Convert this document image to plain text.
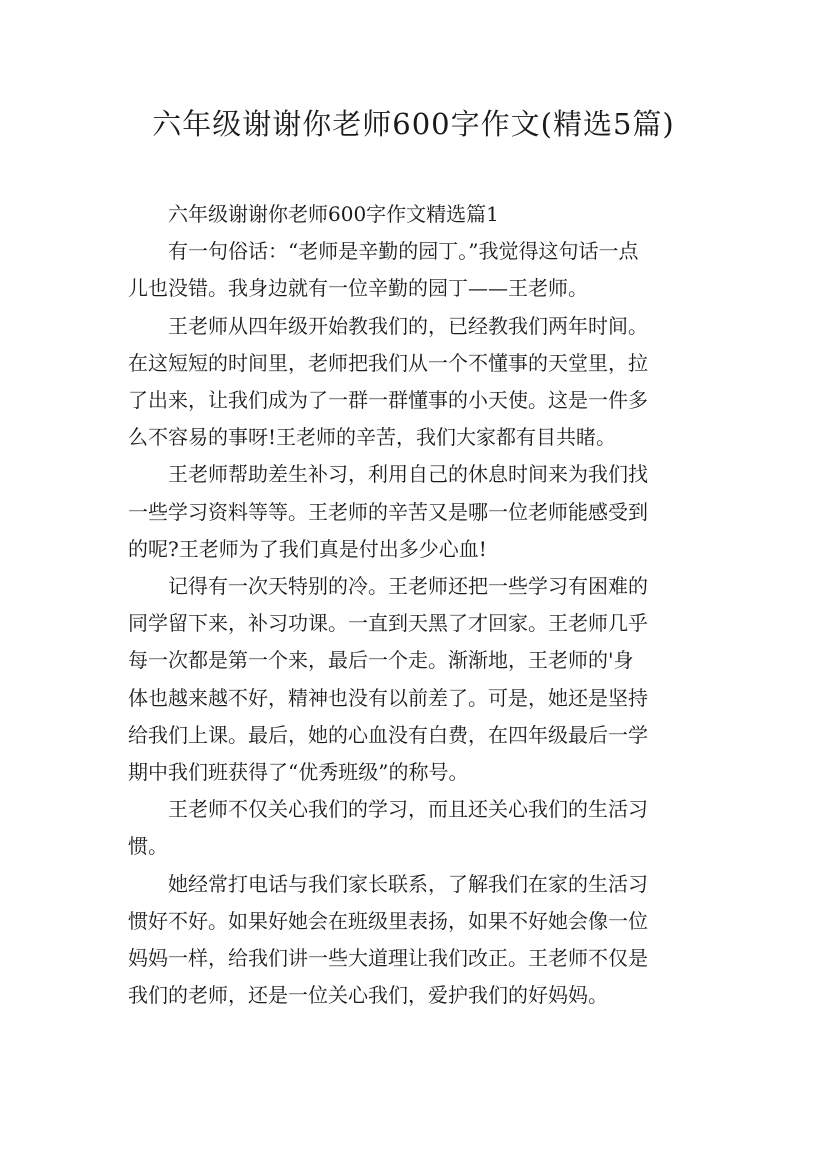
六年级谢谢你老师600字作文(精选5篇)

六年级谢谢你老师600字作文精选篇1

有一句俗话：“老师是辛勤的园丁。”我觉得这句话一点
儿也没错。我身边就有一位辛勤的园丁——王老师。

王老师从四年级开始教我们的，已经教我们两年时间。
在这短短的时间里，老师把我们从一个不懂事的天堂里，拉
了出来，让我们成为了一群一群懂事的小天使。这是一件多
么不容易的事呀!王老师的辛苦，我们大家都有目共睹。

王老师帮助差生补习，利用自己的休息时间来为我们找
一些学习资料等等。王老师的辛苦又是哪一位老师能感受到
的呢?王老师为了我们真是付出多少心血!

记得有一次天特别的冷。王老师还把一些学习有困难的
同学留下来，补习功课。一直到天黑了才回家。王老师几乎
每一次都是第一个来，最后一个走。渐渐地，王老师的'身
体也越来越不好，精神也没有以前差了。可是，她还是坚持
给我们上课。最后，她的心血没有白费，在四年级最后一学
期中我们班获得了“优秀班级”的称号。

王老师不仅关心我们的学习，而且还关心我们的生活习
惯。

她经常打电话与我们家长联系，了解我们在家的生活习
惯好不好。如果好她会在班级里表扬，如果不好她会像一位
妈妈一样，给我们讲一些大道理让我们改正。王老师不仅是
我们的老师，还是一位关心我们，爱护我们的好妈妈。
